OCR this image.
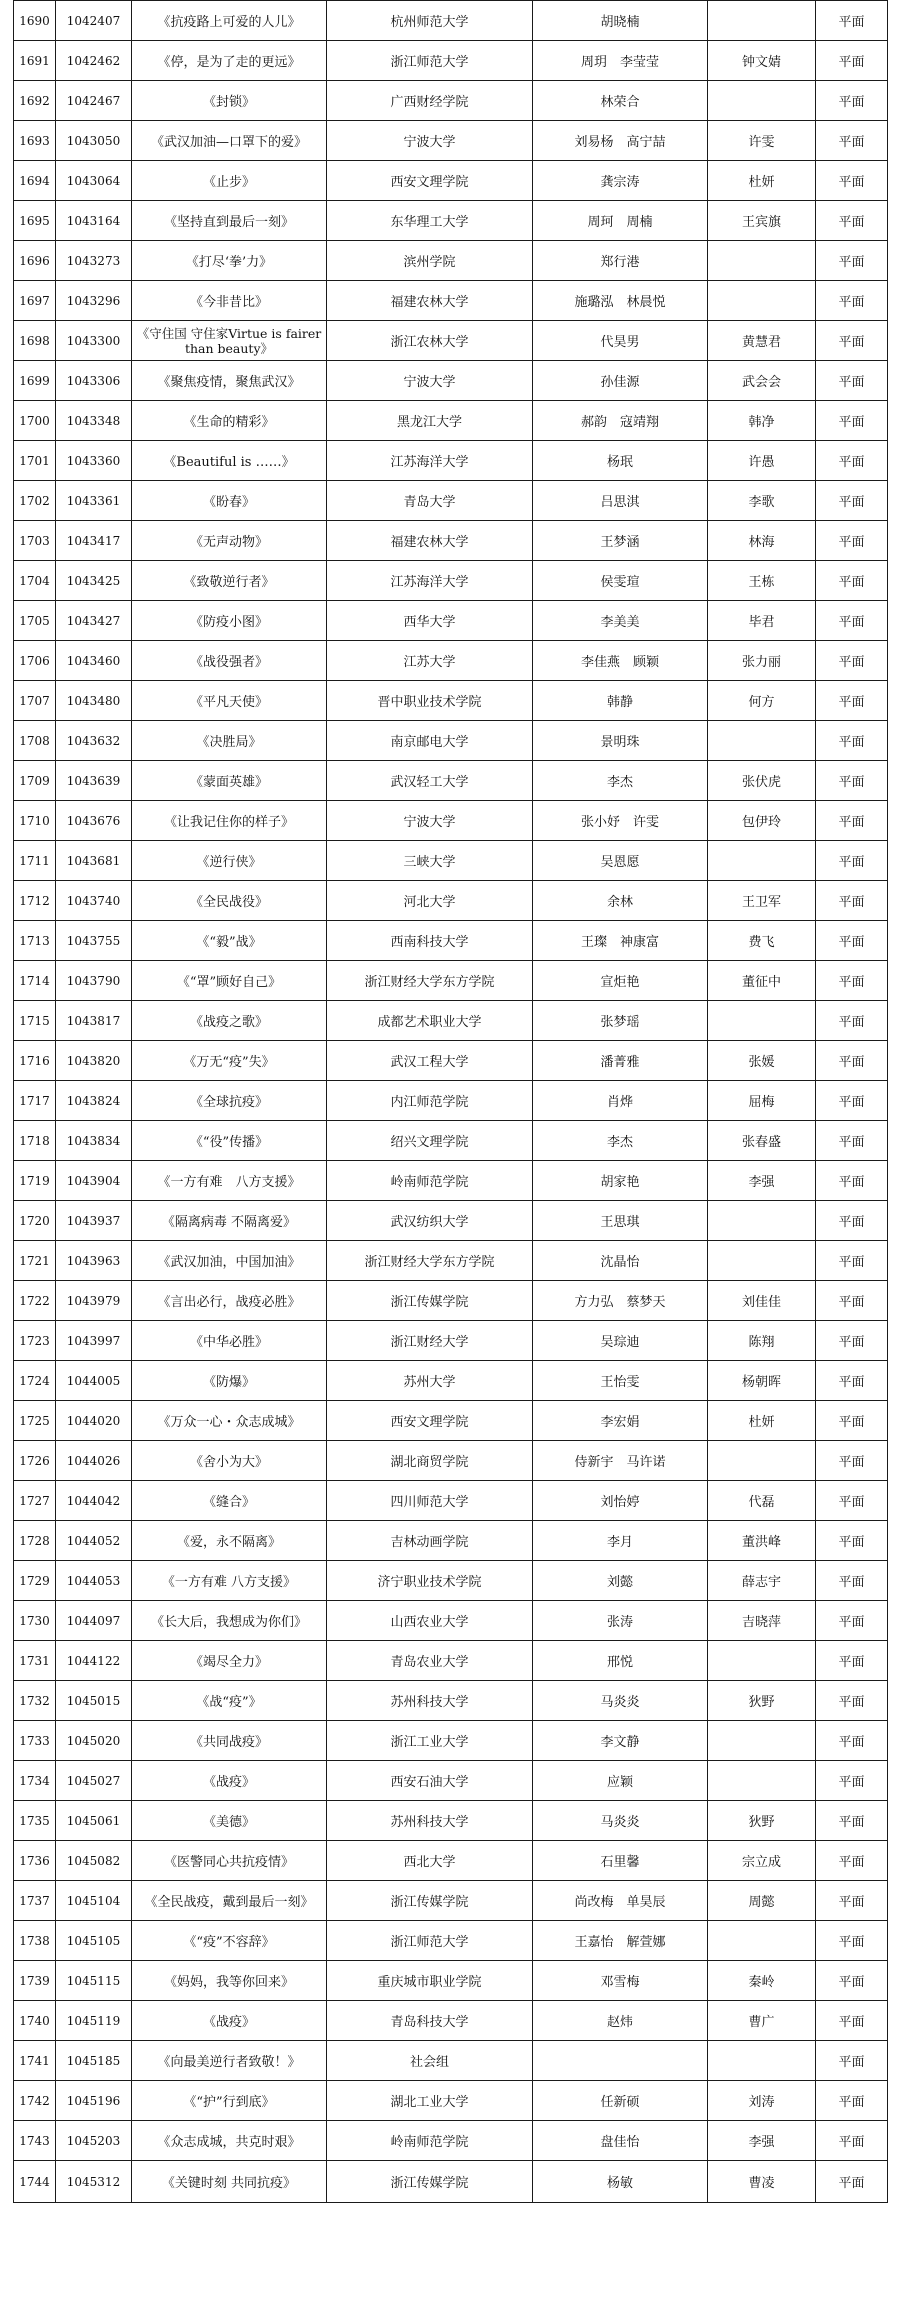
1690	1042407	《抗疫路上可爱的人儿》	杭州师范大学	胡晓楠		平面
1691	1042462	《停，是为了走的更远》	浙江师范大学	周玥　李莹莹	钟文婧	平面
1692	1042467	《封锁》	广西财经学院	林荣合		平面
1693	1043050	《武汉加油—口罩下的爱》	宁波大学	刘易杨　高宁喆	许雯	平面
1694	1043064	《止步》	西安文理学院	龚宗涛	杜妍	平面
1695	1043164	《坚持直到最后一刻》	东华理工大学	周珂　周楠	王宾旗	平面
1696	1043273	《打尽‘拳’力》	滨州学院	郑行港		平面
1697	1043296	《今非昔比》	福建农林大学	施璐泓　林晨悦		平面
1698	1043300	《守住国 守住家Virtue is fairer than beauty》	浙江农林大学	代昊男	黄慧君	平面
1699	1043306	《聚焦疫情，聚焦武汉》	宁波大学	孙佳源	武会会	平面
1700	1043348	《生命的精彩》	黑龙江大学	郝韵　寇靖翔	韩净	平面
1701	1043360	《Beautiful is ……》	江苏海洋大学	杨珉	许愚	平面
1702	1043361	《盼春》	青岛大学	吕思淇	李歌	平面
1703	1043417	《无声动物》	福建农林大学	王梦涵	林海	平面
1704	1043425	《致敬逆行者》	江苏海洋大学	侯雯瑄	王栋	平面
1705	1043427	《防疫小图》	西华大学	李美美	毕君	平面
1706	1043460	《战役强者》	江苏大学	李佳燕　顾颖	张力丽	平面
1707	1043480	《平凡天使》	晋中职业技术学院	韩静	何方	平面
1708	1043632	《决胜局》	南京邮电大学	景明珠		平面
1709	1043639	《蒙面英雄》	武汉轻工大学	李杰	张伏虎	平面
1710	1043676	《让我记住你的样子》	宁波大学	张小妤　许雯	包伊玲	平面
1711	1043681	《逆行侠》	三峡大学	吴恩愿		平面
1712	1043740	《全民战役》	河北大学	余林	王卫军	平面
1713	1043755	《“毅”战》	西南科技大学	王璨　神康富	费飞	平面
1714	1043790	《“罩”顾好自己》	浙江财经大学东方学院	宣炬艳	董征中	平面
1715	1043817	《战疫之歌》	成都艺术职业大学	张梦瑶		平面
1716	1043820	《万无“疫”失》	武汉工程大学	潘菁雅	张媛	平面
1717	1043824	《全球抗疫》	内江师范学院	肖烨	屈梅	平面
1718	1043834	《“役”传播》	绍兴文理学院	李杰	张春盛	平面
1719	1043904	《一方有难　八方支援》	岭南师范学院	胡家艳	李强	平面
1720	1043937	《隔离病毒 不隔离爱》	武汉纺织大学	王思琪		平面
1721	1043963	《武汉加油，中国加油》	浙江财经大学东方学院	沈晶怡		平面
1722	1043979	《言出必行，战疫必胜》	浙江传媒学院	方力弘　蔡梦天	刘佳佳	平面
1723	1043997	《中华必胜》	浙江财经大学	吴琮迪	陈翔	平面
1724	1044005	《防爆》	苏州大学	王怡雯	杨朝晖	平面
1725	1044020	《万众一心・众志成城》	西安文理学院	李宏娟	杜妍	平面
1726	1044026	《舍小为大》	湖北商贸学院	侍新宇　马许诺		平面
1727	1044042	《缝合》	四川师范大学	刘怡婷	代磊	平面
1728	1044052	《爱，永不隔离》	吉林动画学院	李月	董洪峰	平面
1729	1044053	《一方有难 八方支援》	济宁职业技术学院	刘懿	薛志宇	平面
1730	1044097	《长大后，我想成为你们》	山西农业大学	张涛	吉晓萍	平面
1731	1044122	《竭尽全力》	青岛农业大学	邢悦		平面
1732	1045015	《战“疫”》	苏州科技大学	马炎炎	狄野	平面
1733	1045020	《共同战疫》	浙江工业大学	李文静		平面
1734	1045027	《战疫》	西安石油大学	应颖		平面
1735	1045061	《美德》	苏州科技大学	马炎炎	狄野	平面
1736	1045082	《医警同心共抗疫情》	西北大学	石里馨	宗立成	平面
1737	1045104	《全民战疫，戴到最后一刻》	浙江传媒学院	尚改梅　单昊辰	周懿	平面
1738	1045105	《“疫”不容辞》	浙江师范大学	王嘉怡　解萱娜		平面
1739	1045115	《妈妈，我等你回来》	重庆城市职业学院	邓雪梅	秦岭	平面
1740	1045119	《战疫》	青岛科技大学	赵炜	曹广	平面
1741	1045185	《向最美逆行者致敬！》	社会组			平面
1742	1045196	《“护”行到底》	湖北工业大学	任新硕	刘涛	平面
1743	1045203	《众志成城，共克时艰》	岭南师范学院	盘佳怡	李强	平面
1744	1045312	《关键时刻 共同抗疫》	浙江传媒学院	杨敏	曹凌	平面
